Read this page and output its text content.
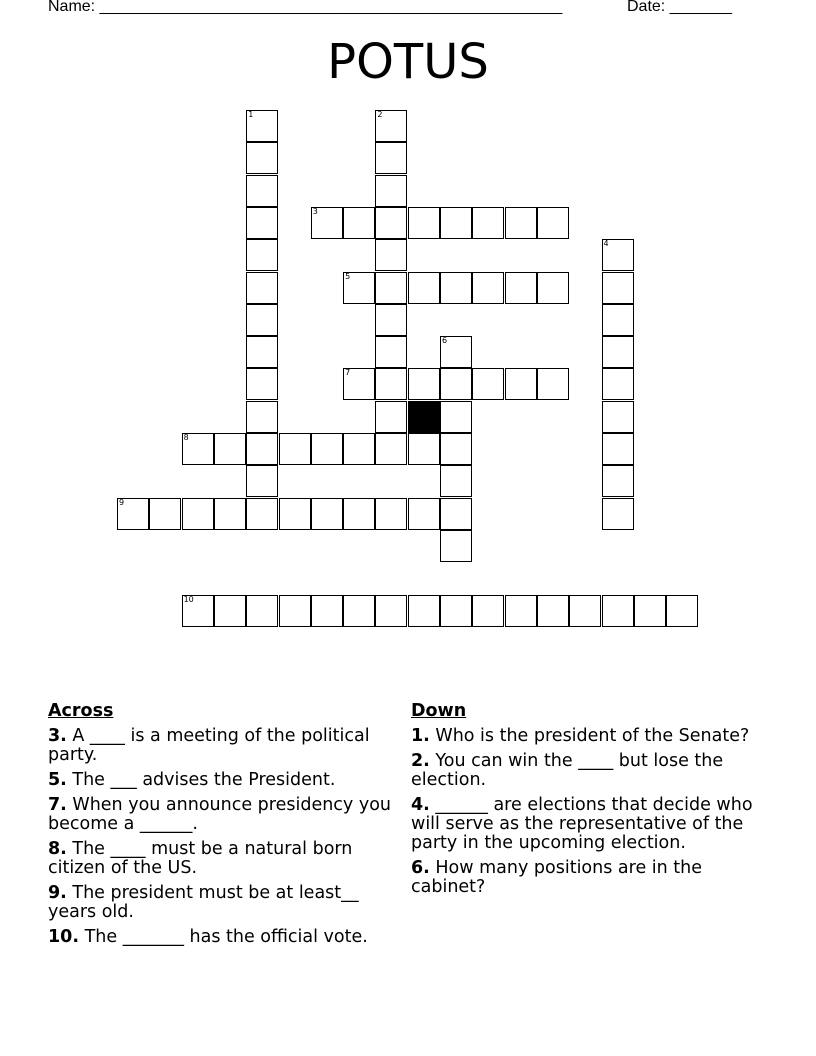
Name: ____________________________________________________	Date: _______
POTUS
1	2
4
6
3
5
7
8
9
10
Across
3. A ____ is a meeting of the political party.
5. The ___ advises the President.
7. When you announce presidency you become a ______.
8. The ____ must be a natural born citizen of the US.
9. The president must be at least__ years old.
10. The _______ has the official vote.
Down
1. Who is the president of the Senate?
2. You can win the ____ but lose the election.
4. ______ are elections that decide who will serve as the representative of the party in the upcoming election.
6. How many positions are in the cabinet?
